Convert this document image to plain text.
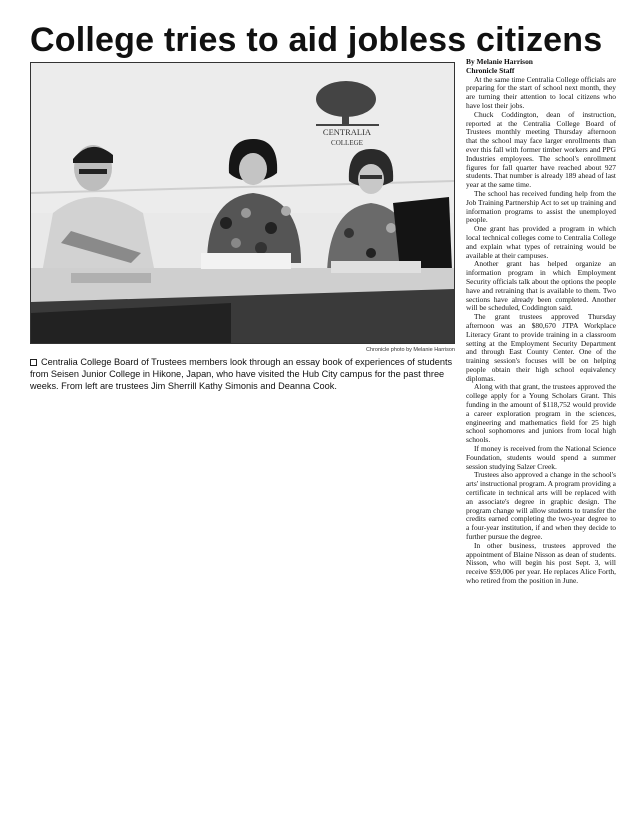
College tries to aid jobless citizens
CENTRALIA
COLLEGE
Chronicle photo by Melanie Harrison

Centralia College Board of Trustees members look through an essay book of experiences of students from Seisen Junior College in Hikone, Japan, who have visited the Hub City campus for the past three weeks. From left are trustees Jim Sherrill Kathy Simonis and Deanna Cook.

By Melanie Harrison

Chronicle Staff

At the same time Centralia College officials are preparing for the start of school next month, they are turning their attention to local citizens who have lost their jobs.

Chuck Coddington, dean of instruction, reported at the Centralia College Board of Trustees monthly meeting Thursday afternoon that the school may face larger enrollments than ever this fall with former timber workers and PPG Industries employees. The school's enrollment figures for fall quarter have reached about 927 students. That number is already 189 ahead of last year at the same time.

The school has received funding help from the Job Training Partnership Act to set up training and information programs to assist the unemployed people.

One grant has provided a program in which local technical colleges come to Centralia College and explain what types of retraining would be available at their campuses.

Another grant has helped organize an information program in which Employment Security officials talk about the options the people have and retraining that is available to them. Two sections have already been completed. Another will be scheduled, Coddington said.

The grant trustees approved Thursday afternoon was an $80,670 JTPA Workplace Literacy Grant to provide training in a classroom setting at the Employment Security Department and through East County Center. One of the training session's focuses will be on helping people obtain their high school equivalency diplomas.

Along with that grant, the trustees approved the college apply for a Young Scholars Grant. This funding in the amount of $118,752 would provide a career exploration program in the sciences, engineering and mathematics field for 25 high school sophomores and juniors from local high schools.

If money is received from the National Science Foundation, students would spend a summer session studying Salzer Creek.

Trustees also approved a change in the school's arts' instructional program. A program providing a certificate in technical arts will be replaced with an associate's degree in graphic design. The program change will allow students to transfer the credits earned completing the two-year degree to a four-year institution, if and when they decide to further pursue the degree.

In other business, trustees approved the appointment of Blaine Nisson as dean of students. Nisson, who will begin his post Sept. 3, will receive $59,006 per year. He replaces Alice Forth, who retired from the position in June.
